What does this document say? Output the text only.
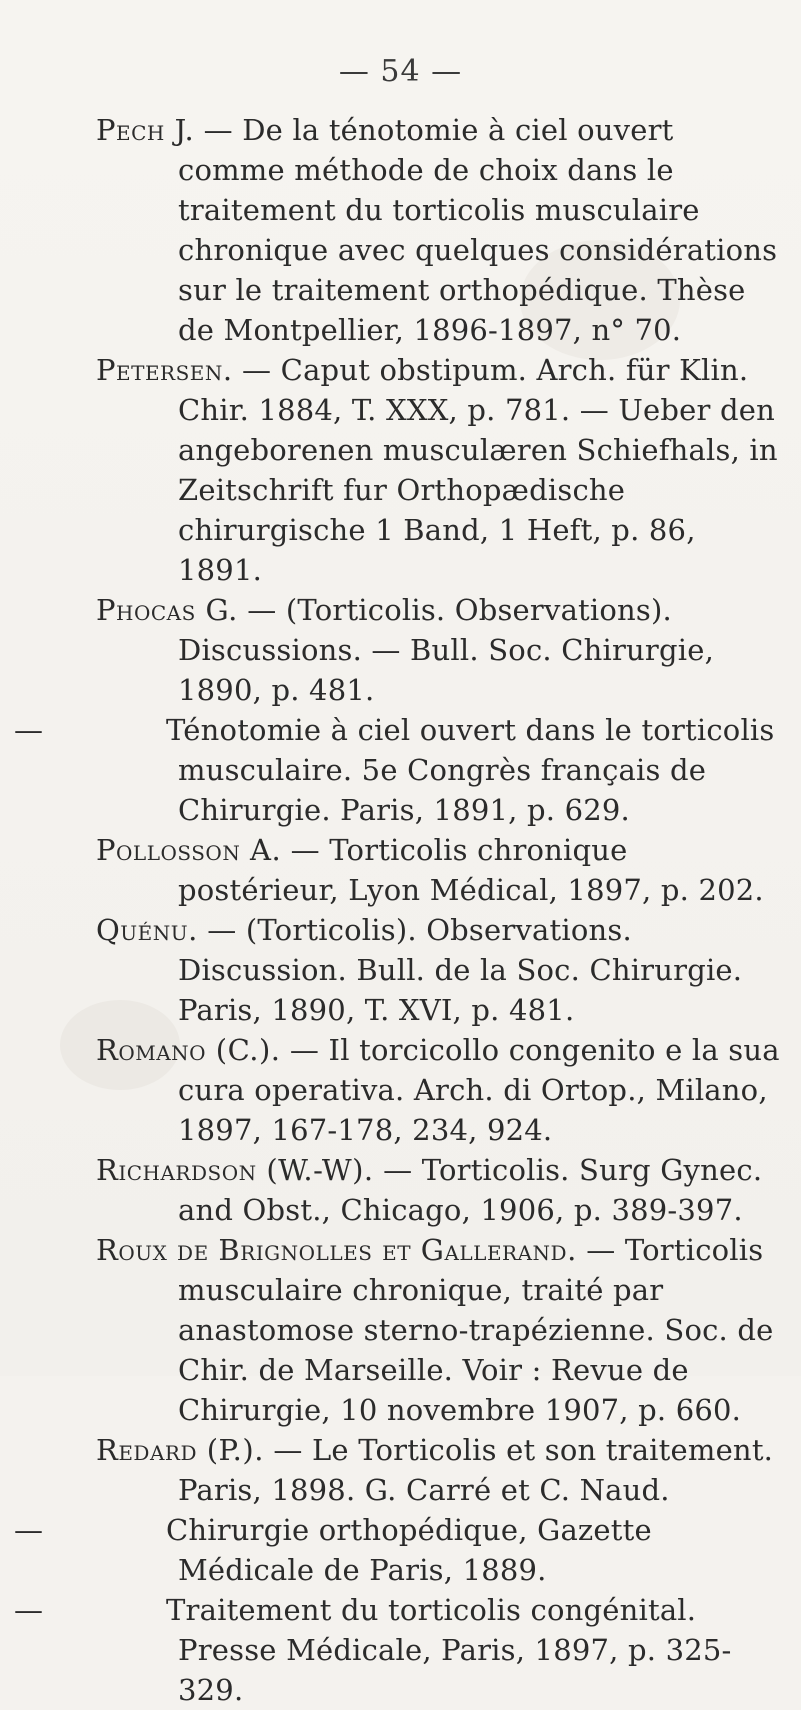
— 54 —

Pech J. — De la ténotomie à ciel ouvert comme méthode de choix dans le traitement du torticolis musculaire chronique avec quelques considérations sur le traitement orthopédique. Thèse de Montpellier, 1896-1897, n° 70.

Petersen. — Caput obstipum. Arch. für Klin. Chir. 1884, T. XXX, p. 781. — Ueber den angeborenen musculæren Schiefhals, in Zeitschrift fur Orthopædische chirurgische 1 Band, 1 Heft, p. 86, 1891.

Phocas G. — (Torticolis. Observations). Discussions. — Bull. Soc. Chirurgie, 1890, p. 481.

—	Ténotomie à ciel ouvert dans le torticolis musculaire. 5e Congrès français de Chirurgie. Paris, 1891, p. 629.

Pollosson A. — Torticolis chronique postérieur, Lyon Médical, 1897, p. 202.

Quénu. — (Torticolis). Observations. Discussion. Bull. de la Soc. Chirurgie. Paris, 1890, T. XVI, p. 481.

Romano (C.). — Il torcicollo congenito e la sua cura operativa. Arch. di Ortop., Milano, 1897, 167-178, 234, 924.

Richardson (W.-W). — Torticolis. Surg Gynec. and Obst., Chicago, 1906, p. 389-397.

Roux de Brignolles et Gallerand. — Torticolis musculaire chronique, traité par anastomose sterno-trapézienne. Soc. de Chir. de Marseille. Voir : Revue de Chirurgie, 10 novembre 1907, p. 660.

Redard (P.). — Le Torticolis et son traitement. Paris, 1898. G. Carré et C. Naud.

—	Chirurgie orthopédique, Gazette Médicale de Paris, 1889.

—	Traitement du torticolis congénital. Presse Médicale, Paris, 1897, p. 325-329.
